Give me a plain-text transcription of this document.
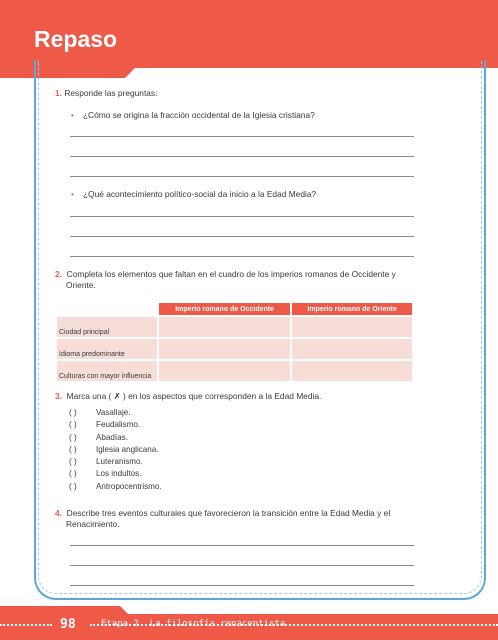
Repaso
1. Responde las preguntas:
• ¿Cómo se origina la fracción occidental de la Iglesia cristiana?
• ¿Qué acontecimiento político-social da inicio a la Edad Media?
2. Completa los elementos que faltan en el cuadro de los imperios romanos de Occidente y
Oriente.
	Imperio romano de Occidente	Imperio romano de Oriente
Ciudad principal		
Idioma predominante		
Culturas con mayor influencia		
3. Marca una ( ✗ ) en los aspectos que corresponden a la Edad Media.
( )	Vasallaje.
( )	Feudalismo.
( )	Abadías.
( )	Iglesia anglicana.
( )	Luteranismo.
( )	Los indultos.
( )	Antropocentrismo.
4. Describe tres eventos culturales que favorecieron la transición entre la Edad Media y el
Renacimiento.
98	Etapa 2. La filosofía renacentista
